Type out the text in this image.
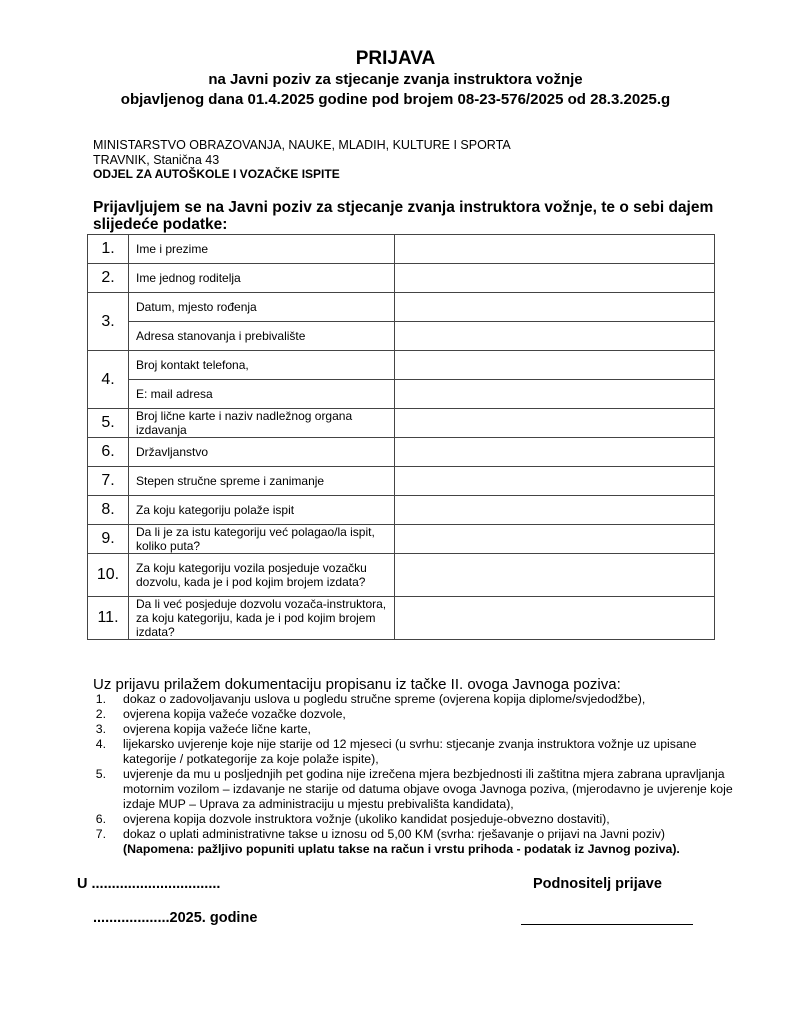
PRIJAVA
na Javni poziv za stjecanje zvanja instruktora vožnje
objavljenog dana 01.4.2025 godine pod brojem 08-23-576/2025 od 28.3.2025.g
MINISTARSTVO OBRAZOVANJA, NAUKE, MLADIH, KULTURE I SPORTA
TRAVNIK, Stanična 43
ODJEL ZA AUTOŠKOLE I VOZAČKE ISPITE
Prijavljujem se na Javni poziv za stjecanje zvanja instruktora vožnje, te o sebi dajem slijedeće podatke:
1.	Ime i prezime	
2.	Ime jednog roditelja	
3.	Datum, mjesto rođenja	
	Adresa stanovanja i prebivalište	
4.	Broj kontakt telefona,	
	E: mail adresa	
5.	Broj lične karte i naziv nadležnog organa izdavanja	
6.	Državljanstvo	
7.	Stepen stručne spreme i zanimanje	
8.	Za koju kategoriju polaže ispit	
9.	Da li je za istu kategoriju već polagao/la ispit, koliko puta?	
10.	Za koju kategoriju vozila posjeduje vozačku dozvolu, kada je i pod kojim brojem izdata?	
11.	Da li već posjeduje dozvolu vozača-instruktora, za koju kategoriju, kada je i pod kojim brojem izdata?	
Uz prijavu prilažem dokumentaciju propisanu iz tačke II. ovoga Javnoga poziva:
1. dokaz o zadovoljavanju uslova u pogledu stručne spreme (ovjerena kopija diplome/svjedodžbe),
2. ovjerena kopija važeće vozačke dozvole,
3. ovjerena kopija važeće lične karte,
4. lijekarsko uvjerenje koje nije starije od 12 mjeseci (u svrhu: stjecanje zvanja instruktora vožnje uz upisane kategorije / potkategorije za koje polaže ispite),
5. uvjerenje da mu u posljednjih pet godina nije izrečena mjera bezbjednosti ili zaštitna mjera zabrana upravljanja motornim vozilom – izdavanje ne starije od datuma objave ovoga Javnoga poziva, (mjerodavno je uvjerenje koje izdaje MUP – Uprava za administraciju u mjestu prebivališta kandidata),
6. ovjerena kopija dozvole instruktora vožnje (ukoliko kandidat posjeduje-obvezno dostaviti),
7. dokaz o uplati administrativne takse u iznosu od 5,00 KM (svrha: rješavanje o prijavi na Javni poziv)
(Napomena: pažljivo popuniti uplatu takse na račun i vrstu prihoda - podatak iz Javnog poziva).
U ................................	Podnositelj prijave
...................2025. godine
